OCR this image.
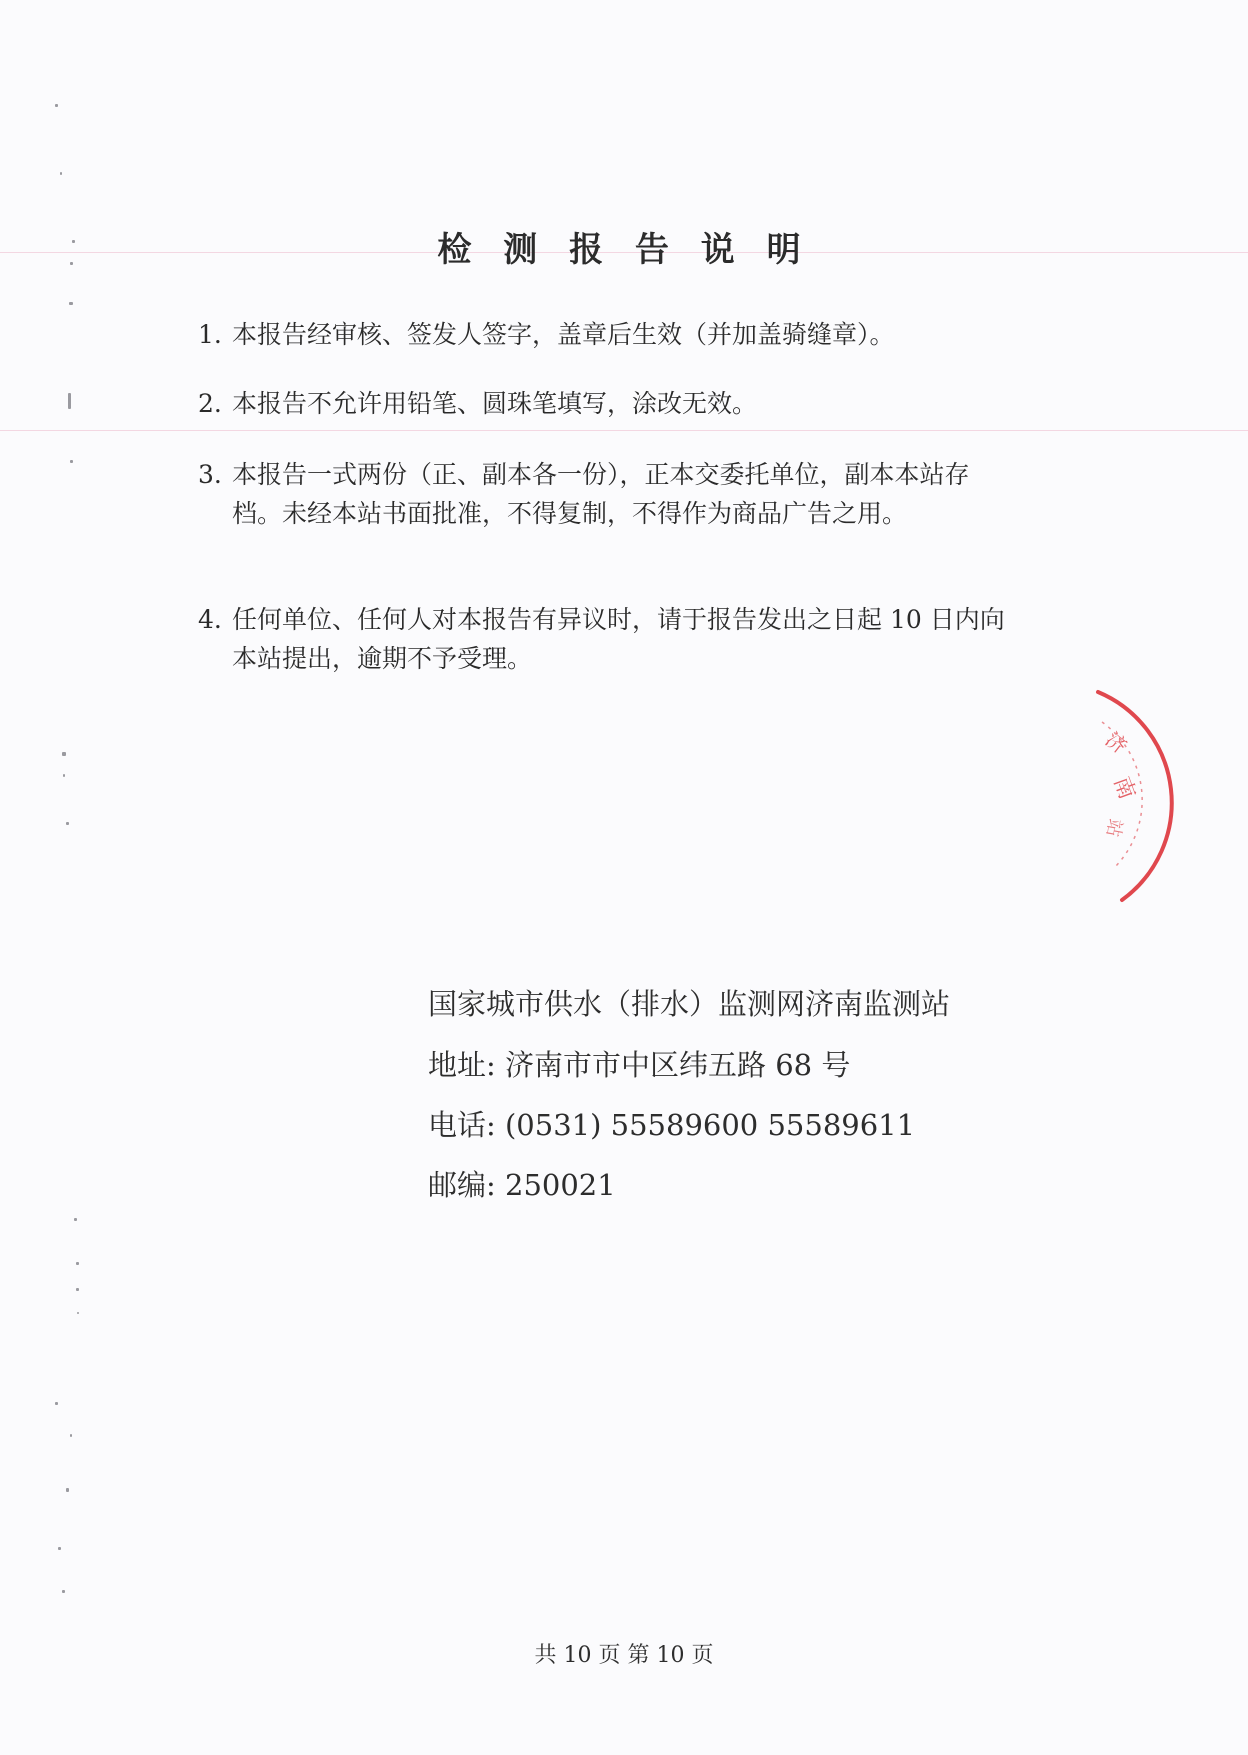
检 测 报 告 说 明
1. 本报告经审核、签发人签字，盖章后生效（并加盖骑缝章）。
2. 本报告不允许用铅笔、圆珠笔填写，涂改无效。
3. 本报告一式两份（正、副本各一份），正本交委托单位，副本本站存档。未经本站书面批准，不得复制，不得作为商品广告之用。
4. 任何单位、任何人对本报告有异议时，请于报告发出之日起 10 日内向本站提出，逾期不予受理。
国家城市供水（排水）监测网济南监测站
地址: 济南市市中区纬五路 68 号
电话: (0531) 55589600 55589611
邮编: 250021
济
南
站
共 10 页 第 10 页
